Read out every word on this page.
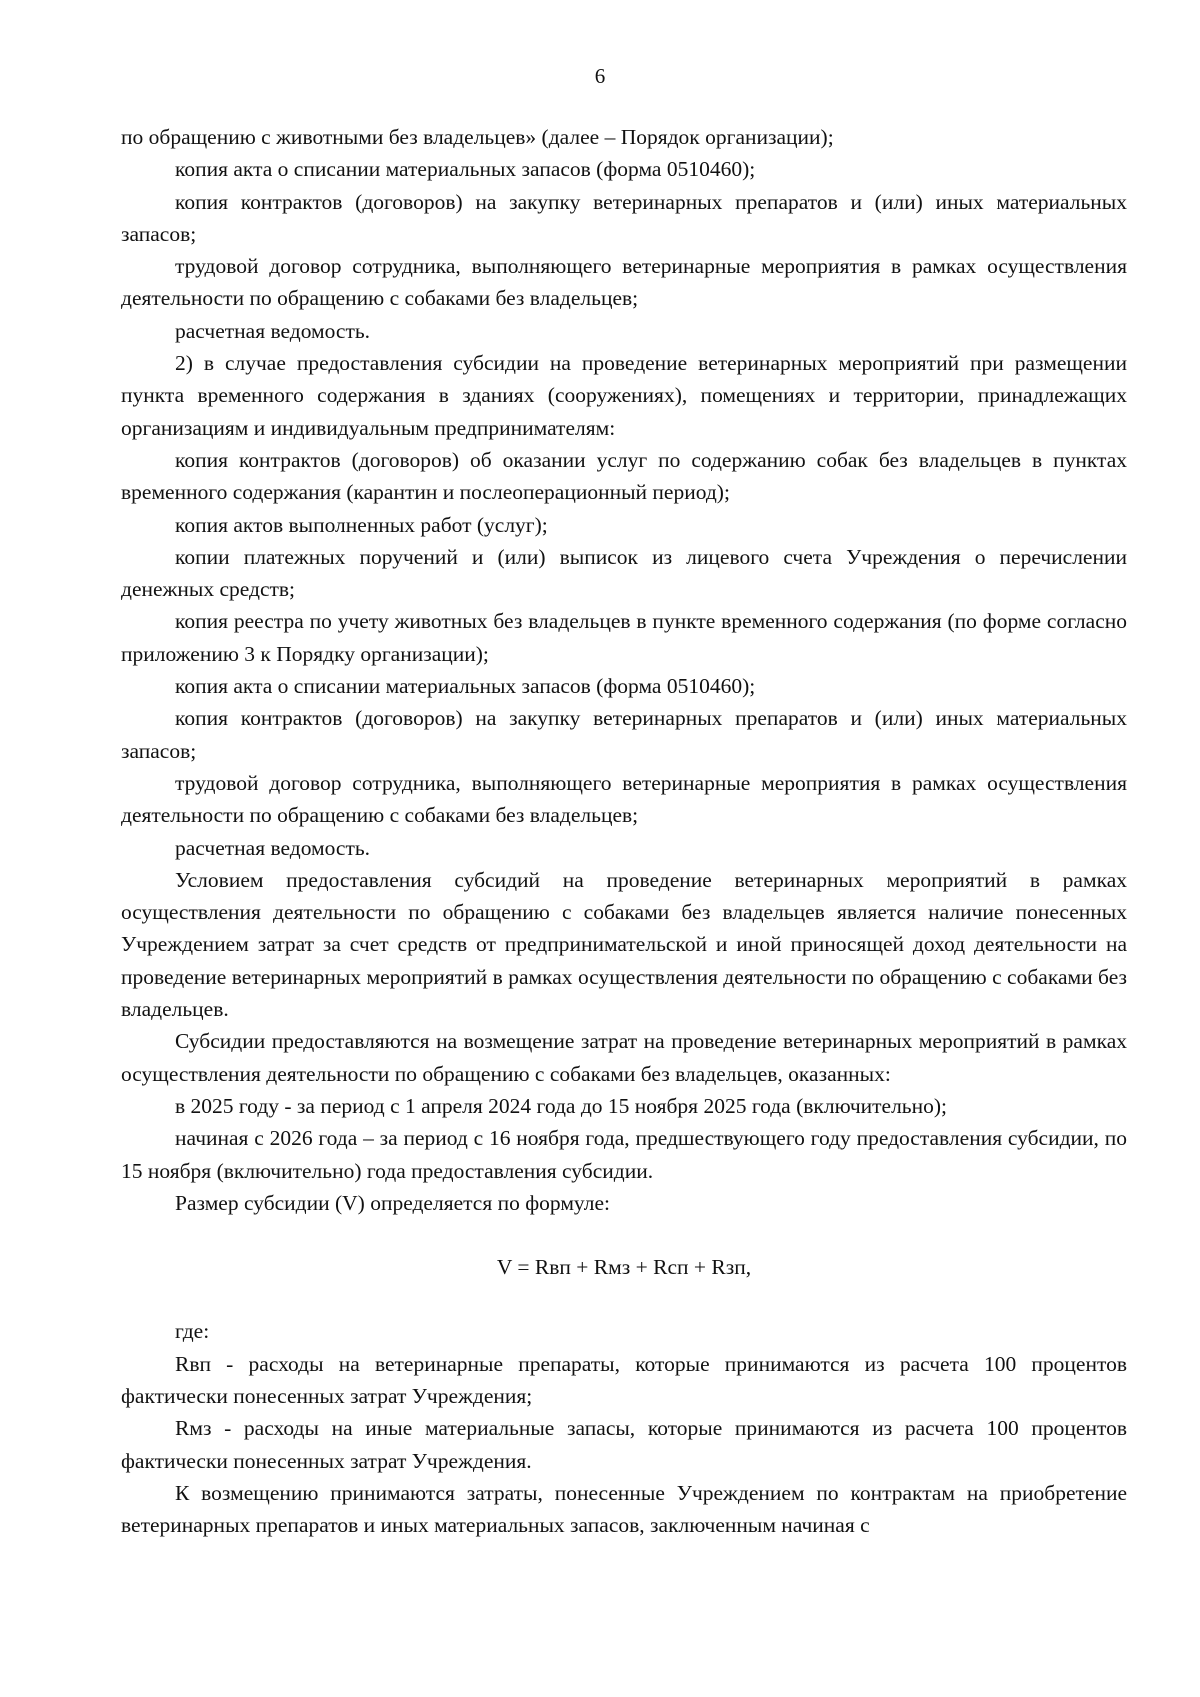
6

по обращению с животными без владельцев» (далее – Порядок организации);

копия акта о списании материальных запасов (форма 0510460);

копия контрактов (договоров) на закупку ветеринарных препаратов и (или) иных материальных запасов;

трудовой договор сотрудника, выполняющего ветеринарные мероприятия в рамках осуществления деятельности по обращению с собаками без владельцев;

расчетная ведомость.

2) в случае предоставления субсидии на проведение ветеринарных мероприятий при размещении пункта временного содержания в зданиях (сооружениях), помещениях и территории, принадлежащих организациям и индивидуальным предпринимателям:

копия контрактов (договоров) об оказании услуг по содержанию собак без владельцев в пунктах временного содержания (карантин и послеоперационный период);

копия актов выполненных работ (услуг);

копии платежных поручений и (или) выписок из лицевого счета Учреждения о перечислении денежных средств;

копия реестра по учету животных без владельцев в пункте временного содержания (по форме согласно приложению 3 к Порядку организации);

копия акта о списании материальных запасов (форма 0510460);

копия контрактов (договоров) на закупку ветеринарных препаратов и (или) иных материальных запасов;

трудовой договор сотрудника, выполняющего ветеринарные мероприятия в рамках осуществления деятельности по обращению с собаками без владельцев;

расчетная ведомость.

Условием предоставления субсидий на проведение ветеринарных мероприятий в рамках осуществления деятельности по обращению с собаками без владельцев является наличие понесенных Учреждением затрат за счет средств от предпринимательской и иной приносящей доход деятельности на проведение ветеринарных мероприятий в рамках осуществления деятельности по обращению с собаками без владельцев.

Субсидии предоставляются на возмещение затрат на проведение ветеринарных мероприятий в рамках осуществления деятельности по обращению с собаками без владельцев, оказанных:

в 2025 году - за период с 1 апреля 2024 года до 15 ноября 2025 года (включительно);

начиная с 2026 года – за период с 16 ноября года, предшествующего году предоставления субсидии, по 15 ноября (включительно) года предоставления субсидии.

Размер субсидии (V) определяется по формуле:

V = Rвп + Rмз + Rсп + Rзп,

где:

Rвп - расходы на ветеринарные препараты, которые принимаются из расчета 100 процентов фактически понесенных затрат Учреждения;

Rмз - расходы на иные материальные запасы, которые принимаются из расчета 100 процентов фактически понесенных затрат Учреждения.

К возмещению принимаются затраты, понесенные Учреждением по контрактам на приобретение ветеринарных препаратов и иных материальных запасов, заключенным начиная с
